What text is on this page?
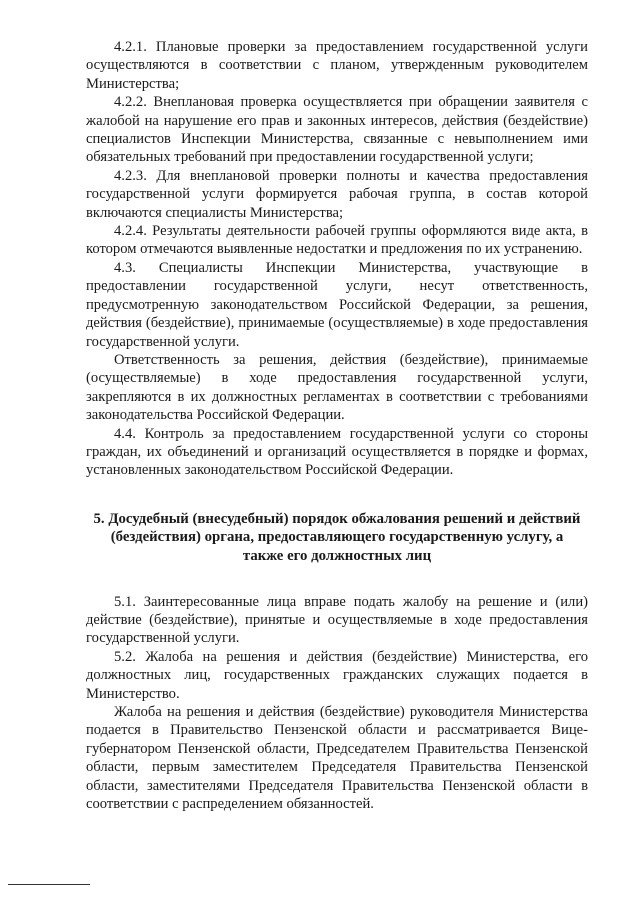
4.2.1. Плановые проверки за предоставлением государственной услуги осуществляются в соответствии с планом, утвержденным руководителем Министерства;

4.2.2. Внеплановая проверка осуществляется при обращении заявителя с жалобой на нарушение его прав и законных интересов, действия (бездействие) специалистов Инспекции Министерства, связанные с невыполнением ими обязательных требований при предоставлении государственной услуги;

4.2.3. Для внеплановой проверки полноты и качества предоставления государственной услуги формируется рабочая группа, в состав которой включаются специалисты Министерства;

4.2.4. Результаты деятельности рабочей группы оформляются виде акта, в котором отмечаются выявленные недостатки и предложения по их устранению.

4.3. Специалисты Инспекции Министерства, участвующие в предоставлении государственной услуги, несут ответственность, предусмотренную законодательством Российской Федерации, за решения, действия (бездействие), принимаемые (осуществляемые) в ходе предоставления государственной услуги.

Ответственность за решения, действия (бездействие), принимаемые (осуществляемые) в ходе предоставления государственной услуги, закрепляются в их должностных регламентах в соответствии с требованиями законодательства Российской Федерации.

4.4. Контроль за предоставлением государственной услуги со стороны граждан, их объединений и организаций осуществляется в порядке и формах, установленных законодательством Российской Федерации.

5. Досудебный (внесудебный) порядок обжалования решений и действий (бездействия) органа, предоставляющего государственную услугу, а также его должностных лиц

5.1. Заинтересованные лица вправе подать жалобу на решение и (или) действие (бездействие), принятые и осуществляемые в ходе предоставления государственной услуги.

5.2. Жалоба на решения и действия (бездействие) Министерства, его должностных лиц, государственных гражданских служащих подается в Министерство.

Жалоба на решения и действия (бездействие) руководителя Министерства подается в Правительство Пензенской области и рассматривается Вице-губернатором Пензенской области, Председателем Правительства Пензенской области, первым заместителем Председателя Правительства Пензенской области, заместителями Председателя Правительства Пензенской области в соответствии с распределением обязанностей.
